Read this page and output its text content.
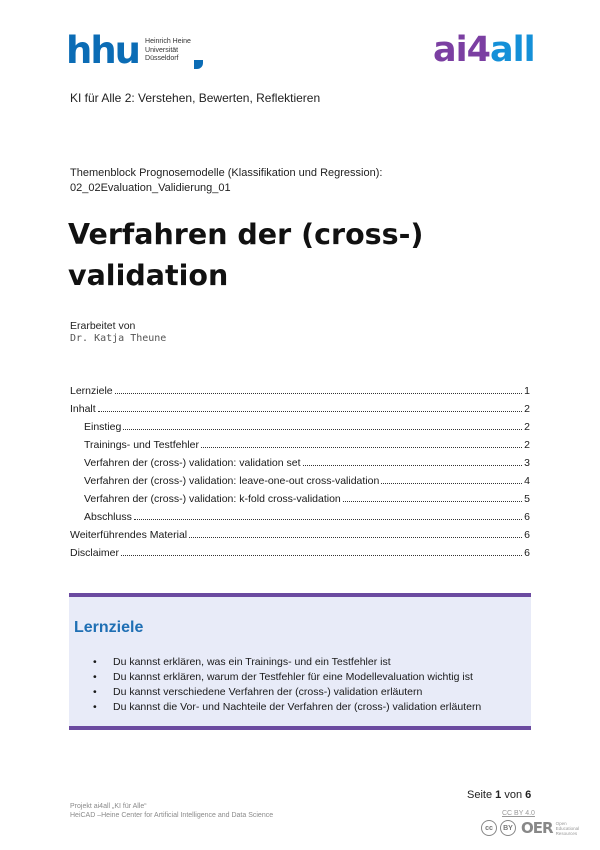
hhu Heinrich Heine
Universität
Düsseldorf	ai4all
KI für Alle 2: Verstehen, Bewerten, Reflektieren
Themenblock Prognosemodelle (Klassifikation und Regression):
02_02Evaluation_Validierung_01
Verfahren der (cross-)
validation
Erarbeitet von
Dr. Katja Theune
Lernziele	1
Inhalt	2
Einstieg	2
Trainings- und Testfehler	2
Verfahren der (cross-) validation: validation set	3
Verfahren der (cross-) validation: leave-one-out cross-validation	4
Verfahren der (cross-) validation: k-fold cross-validation	5
Abschluss	6
Weiterführendes Material	6
Disclaimer	6
Lernziele
• Du kannst erklären, was ein Trainings- und ein Testfehler ist
• Du kannst erklären, warum der Testfehler für eine Modellevaluation wichtig ist
• Du kannst verschiedene Verfahren der (cross-) validation erläutern
• Du kannst die Vor- und Nachteile der Verfahren der (cross-) validation erläutern
Seite 1 von 6
Projekt ai4all „KI für Alle“
HeiCAD –Heine Center for Artificial Intelligence and Data Science	CC BY 4.0
cc	BY OER Open
Educational
Resources
